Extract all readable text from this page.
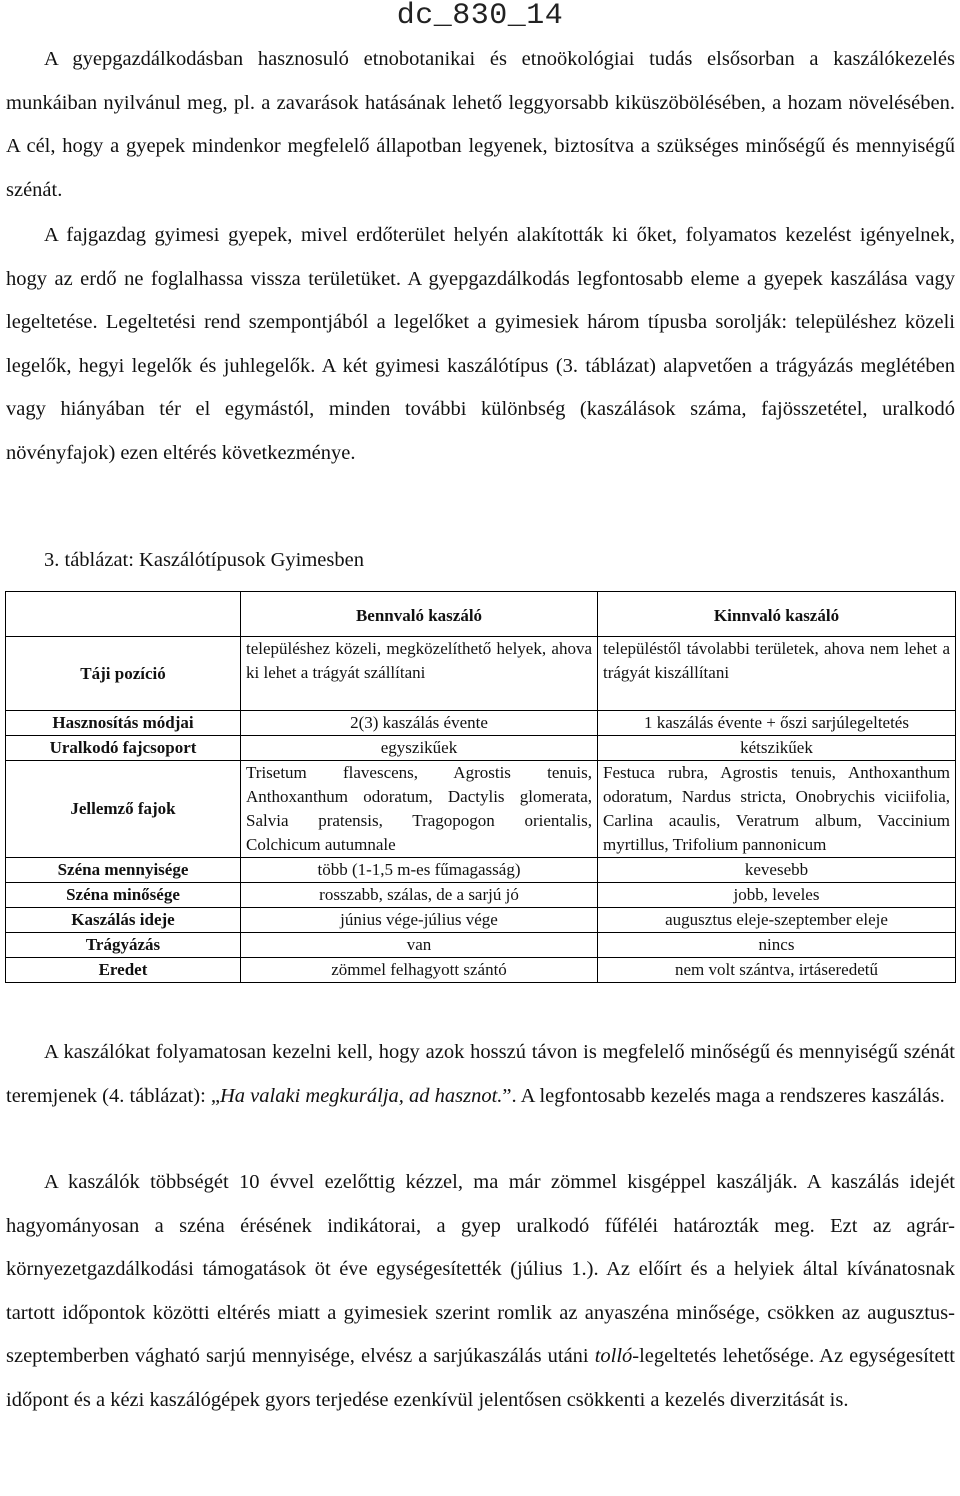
dc_830_14

A gyepgazdálkodásban hasznosuló etnobotanikai és etnoökológiai tudás elsősorban a kaszálókezelés munkáiban nyilvánul meg, pl. a zavarások hatásának lehető leggyorsabb kiküszöbölésében, a hozam növelésében. A cél, hogy a gyepek mindenkor megfelelő állapotban legyenek, biztosítva a szükséges minőségű és mennyiségű szénát.

A fajgazdag gyimesi gyepek, mivel erdőterület helyén alakították ki őket, folyamatos kezelést igényelnek, hogy az erdő ne foglalhassa vissza területüket. A gyepgazdálkodás legfontosabb eleme a gyepek kaszálása vagy legeltetése. Legeltetési rend szempontjából a legelőket a gyimesiek három típusba sorolják: településhez közeli legelők, hegyi legelők és juhlegelők. A két gyimesi kaszálótípus (3. táblázat) alapvetően a trágyázás meglétében vagy hiányában tér el egymástól, minden további különbség (kaszálások száma, fajösszetétel, uralkodó növényfajok) ezen eltérés következménye.

3. táblázat: Kaszálótípusok Gyimesben
	Bennvaló kaszáló	Kinnvaló kaszáló
Táji pozíció	településhez közeli, megközelíthető helyek, ahova ki lehet a trágyát szállítani	településtől távolabbi területek, ahova nem lehet a trágyát kiszállítani
Hasznosítás módjai	2(3) kaszálás évente	1 kaszálás évente + őszi sarjúlegeltetés
Uralkodó fajcsoport	egyszikűek	kétszikűek
Jellemző fajok	Trisetum flavescens, Agrostis tenuis, Anthoxanthum odoratum, Dactylis glomerata, Salvia pratensis, Tragopogon orientalis, Colchicum autumnale	Festuca rubra, Agrostis tenuis, Anthoxanthum odoratum, Nardus stricta, Onobrychis viciifolia, Carlina acaulis, Veratrum album, Vaccinium myrtillus, Trifolium pannonicum
Széna mennyisége	több (1-1,5 m-es fűmagasság)	kevesebb
Széna minősége	rosszabb, szálas, de a sarjú jó	jobb, leveles
Kaszálás ideje	június vége-július vége	augusztus eleje-szeptember eleje
Trágyázás	van	nincs
Eredet	zömmel felhagyott szántó	nem volt szántva, irtáseredetű

A kaszálókat folyamatosan kezelni kell, hogy azok hosszú távon is megfelelő minőségű és mennyiségű szénát teremjenek (4. táblázat): „Ha valaki megkurálja, ad hasznot.”. A legfontosabb kezelés maga a rendszeres kaszálás.

A kaszálók többségét 10 évvel ezelőttig kézzel, ma már zömmel kisgéppel kaszálják. A kaszálás idejét hagyományosan a széna érésének indikátorai, a gyep uralkodó fűféléi határozták meg. Ezt az agrár-környezetgazdálkodási támogatások öt éve egységesítették (július 1.). Az előírt és a helyiek által kívánatosnak tartott időpontok közötti eltérés miatt a gyimesiek szerint romlik az anyaszéna minősége, csökken az augusztus-szeptemberben vágható sarjú mennyisége, elvész a sarjúkaszálás utáni tolló-legeltetés lehetősége. Az egységesített időpont és a kézi kaszálógépek gyors terjedése ezenkívül jelentősen csökkenti a kezelés diverzitását is.
